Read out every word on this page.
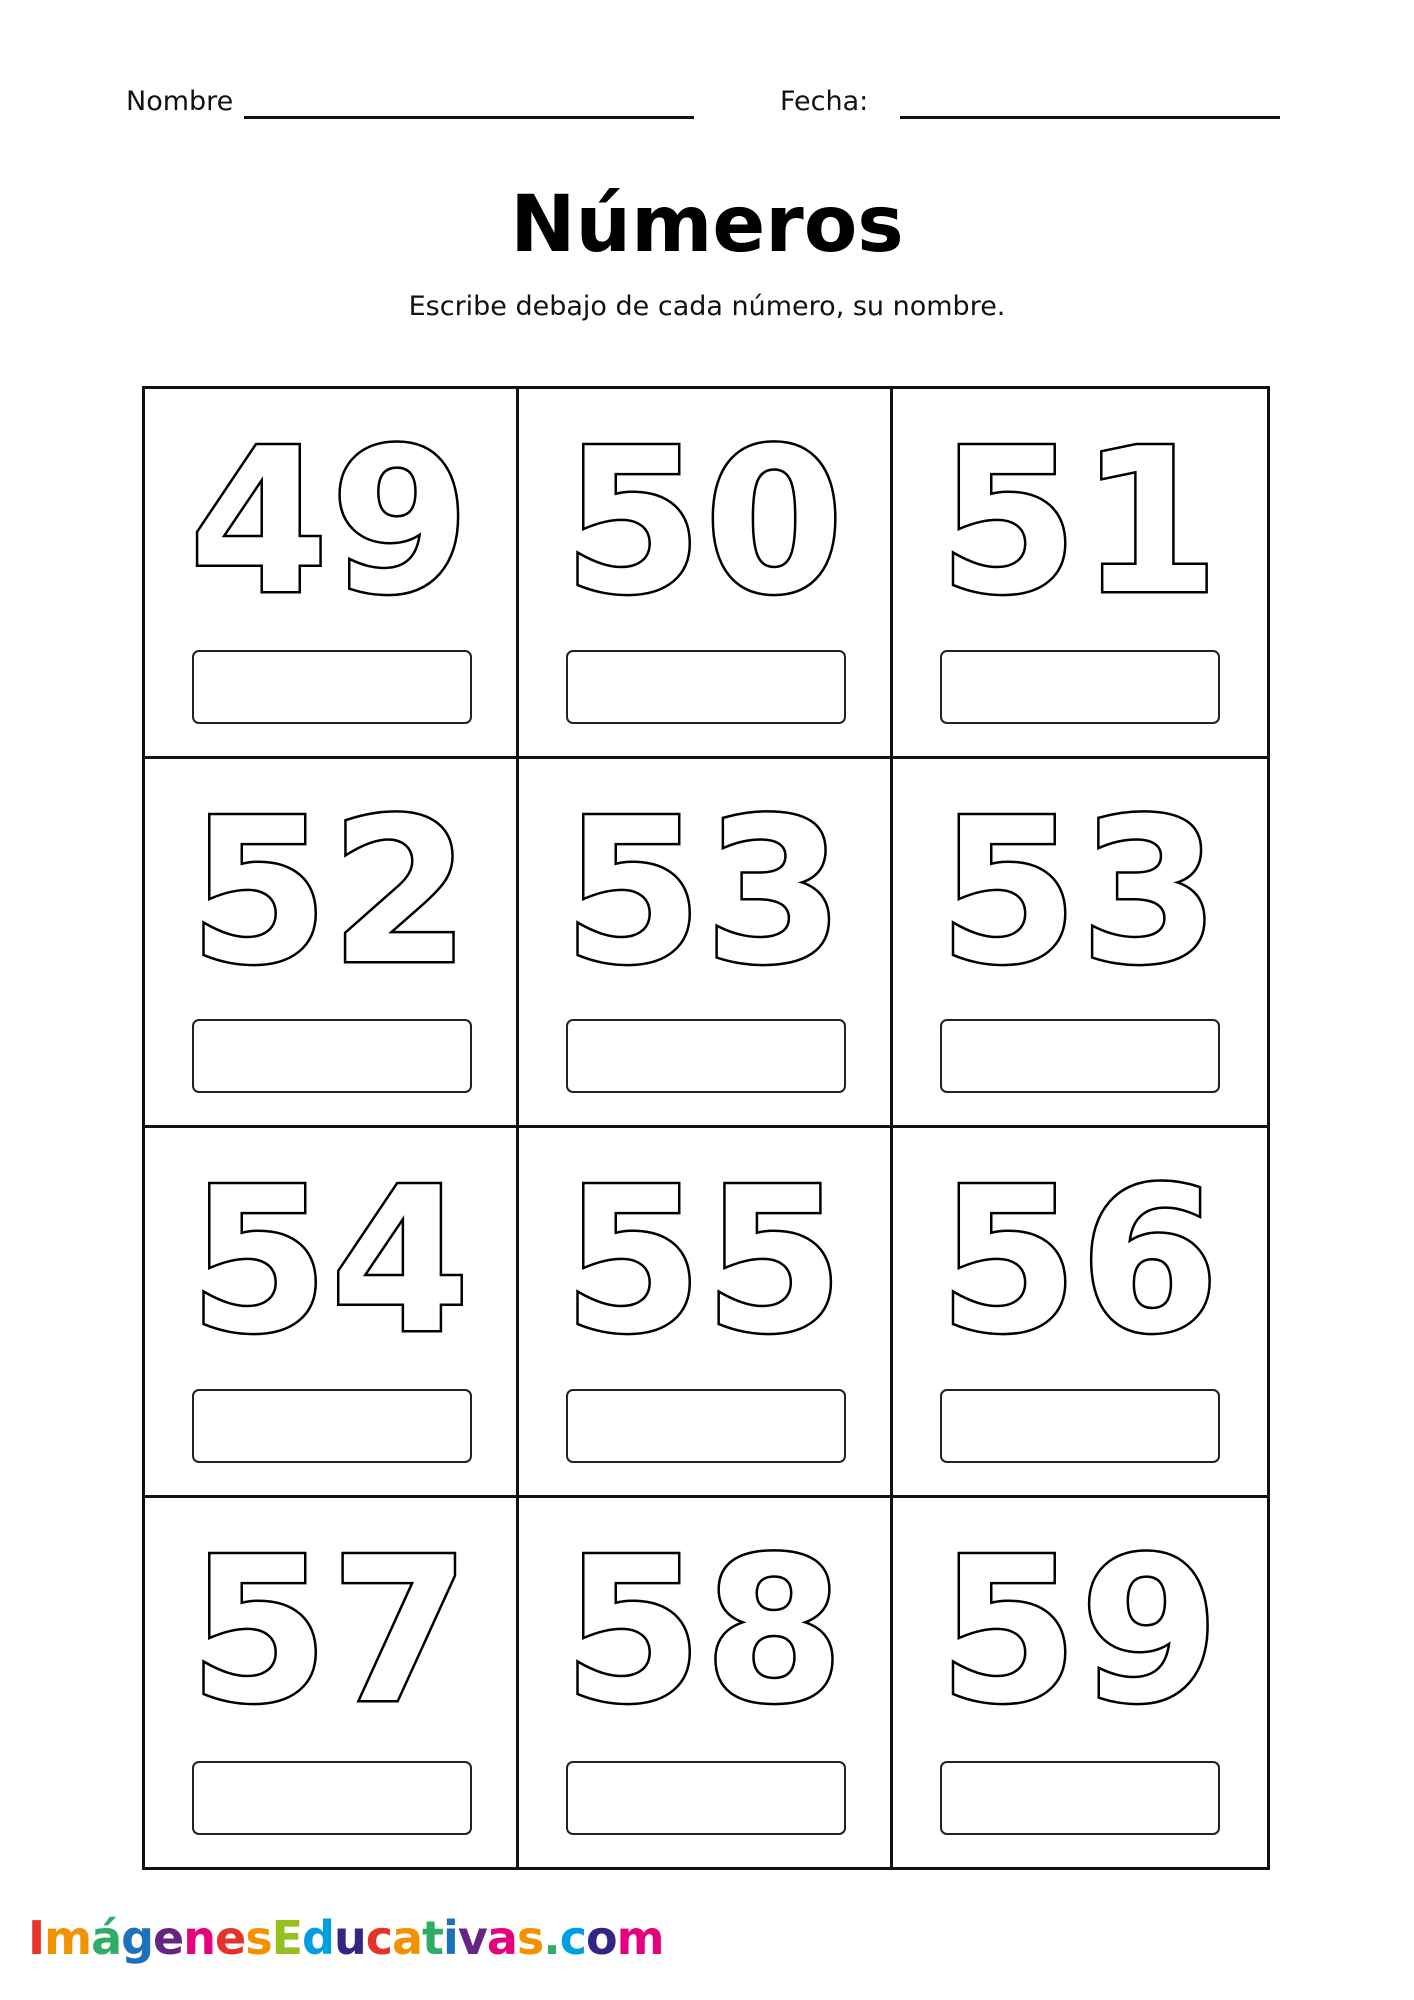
Nombre	Fecha:
Números
Escribe debajo de cada número, su nombre.
49 50 51
52 53 53
54 55 56
57 58 59
ImágenesEducativas.com
